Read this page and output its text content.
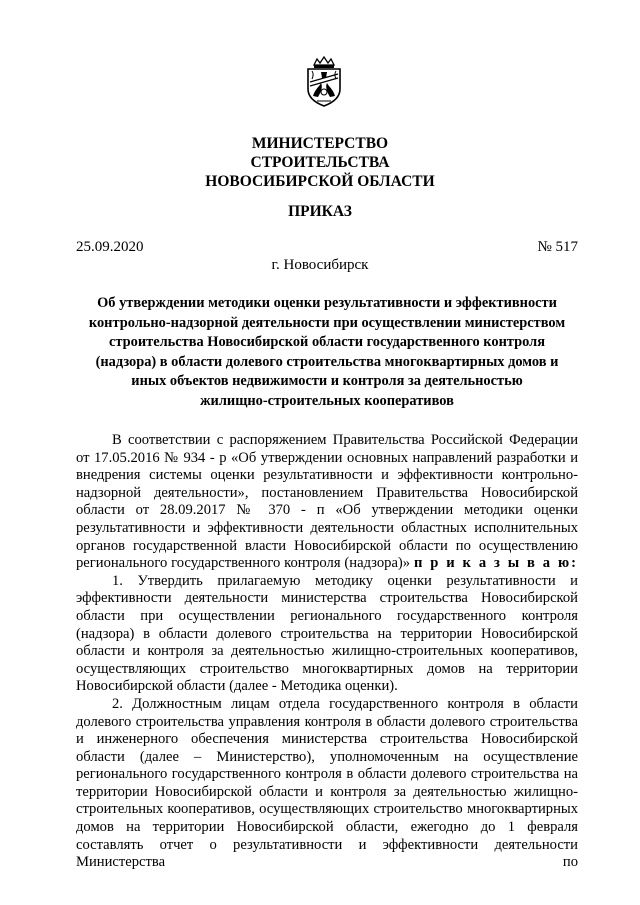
МИНИСТЕРСТВО
СТРОИТЕЛЬСТВА
НОВОСИБИРСКОЙ ОБЛАСТИ
ПРИКАЗ
25.09.2020	№ 517
г. Новосибирск
Об утверждении методики оценки результативности и эффективности
контрольно-надзорной деятельности при осуществлении министерством
строительства Новосибирской области государственного контроля
(надзора) в области долевого строительства многоквартирных домов и
иных объектов недвижимости и контроля за деятельностью
жилищно-строительных кооперативов

В соответствии с распоряжением Правительства Российской Федерации от 17.05.2016 № 934 - р «Об утверждении основных направлений разработки и внедрения системы оценки результативности и эффективности контрольно-надзорной деятельности», постановлением Правительства Новосибирской области от 28.09.2017 № 370 - п «Об утверждении методики оценки результативности и эффективности деятельности областных исполнительных органов государственной власти Новосибирской области по осуществлению регионального государственного контроля (надзора)» п р и к а з ы в а ю:

1. Утвердить прилагаемую методику оценки результативности и эффективности деятельности министерства строительства Новосибирской области при осуществлении регионального государственного контроля (надзора) в области долевого строительства на территории Новосибирской области и контроля за деятельностью жилищно-строительных кооперативов, осуществляющих строительство многоквартирных домов на территории Новосибирской области (далее - Методика оценки).

2. Должностным лицам отдела государственного контроля в области долевого строительства управления контроля в области долевого строительства и инженерного обеспечения министерства строительства Новосибирской области (далее – Министерство), уполномоченным на осуществление регионального государственного контроля в области долевого строительства на территории Новосибирской области и контроля за деятельностью жилищно-строительных кооперативов, осуществляющих строительство многоквартирных домов на территории Новосибирской области, ежегодно до 1 февраля составлять отчет о результативности и эффективности деятельности Министерства по
